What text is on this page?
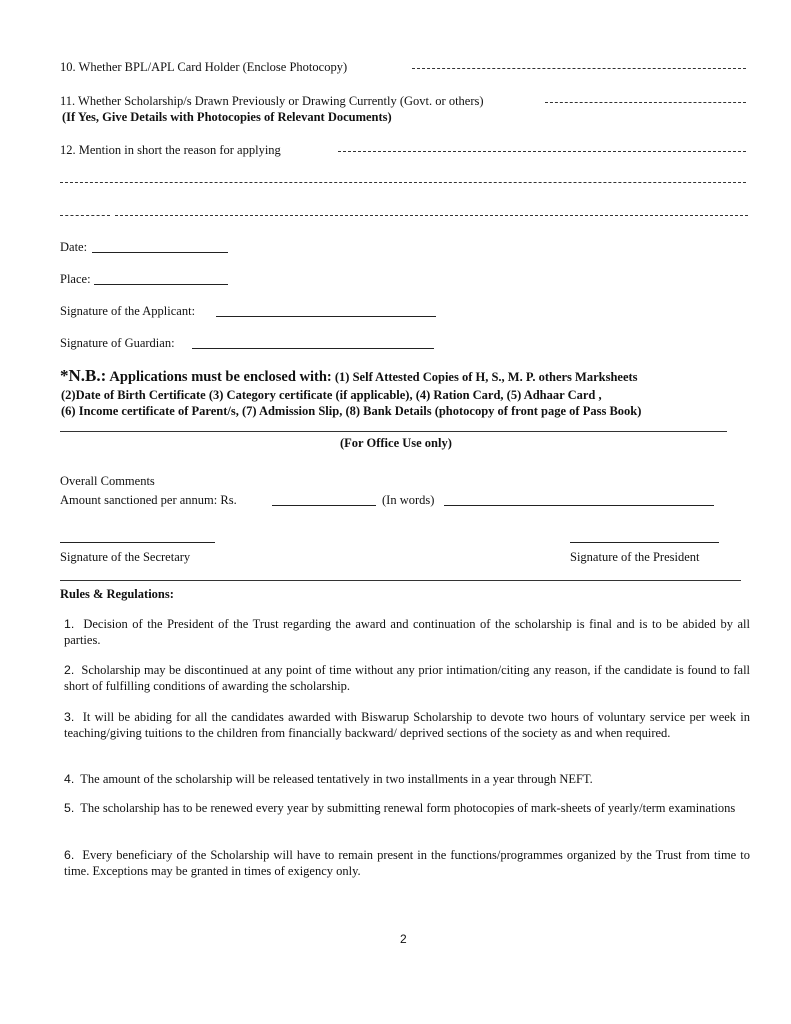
10. Whether BPL/APL Card Holder (Enclose Photocopy)
11. Whether Scholarship/s Drawn Previously or Drawing Currently (Govt. or others)
(If Yes, Give Details with Photocopies of Relevant Documents)
12. Mention in short the reason for applying
Date:
Place:
Signature of the Applicant:
Signature of Guardian:
*N.B.: Applications must be enclosed with: (1) Self Attested Copies of H, S., M. P. others Marksheets
(2)Date of Birth Certificate (3) Category certificate (if applicable), (4) Ration Card, (5) Adhaar Card ,
(6) Income certificate of Parent/s, (7) Admission Slip, (8) Bank Details (photocopy of front page of Pass Book)
(For Office Use only)
Overall Comments
Amount sanctioned per annum: Rs.	(In words)
Signature of the Secretary	Signature of the President
Rules & Regulations:
1. Decision of the President of the Trust regarding the award and continuation of the scholarship is final and is to be abided by all parties.
2. Scholarship may be discontinued at any point of time without any prior intimation/citing any reason, if the candidate is found to fall short of fulfilling conditions of awarding the scholarship.
3. It will be abiding for all the candidates awarded with Biswarup Scholarship to devote two hours of voluntary service per week in teaching/giving tuitions to the children from financially backward/ deprived sections of the society as and when required.
4. The amount of the scholarship will be released tentatively in two installments in a year through NEFT.
5. The scholarship has to be renewed every year by submitting renewal form photocopies of mark-sheets of yearly/term examinations
6. Every beneficiary of the Scholarship will have to remain present in the functions/programmes organized by the Trust from time to time. Exceptions may be granted in times of exigency only.
2
